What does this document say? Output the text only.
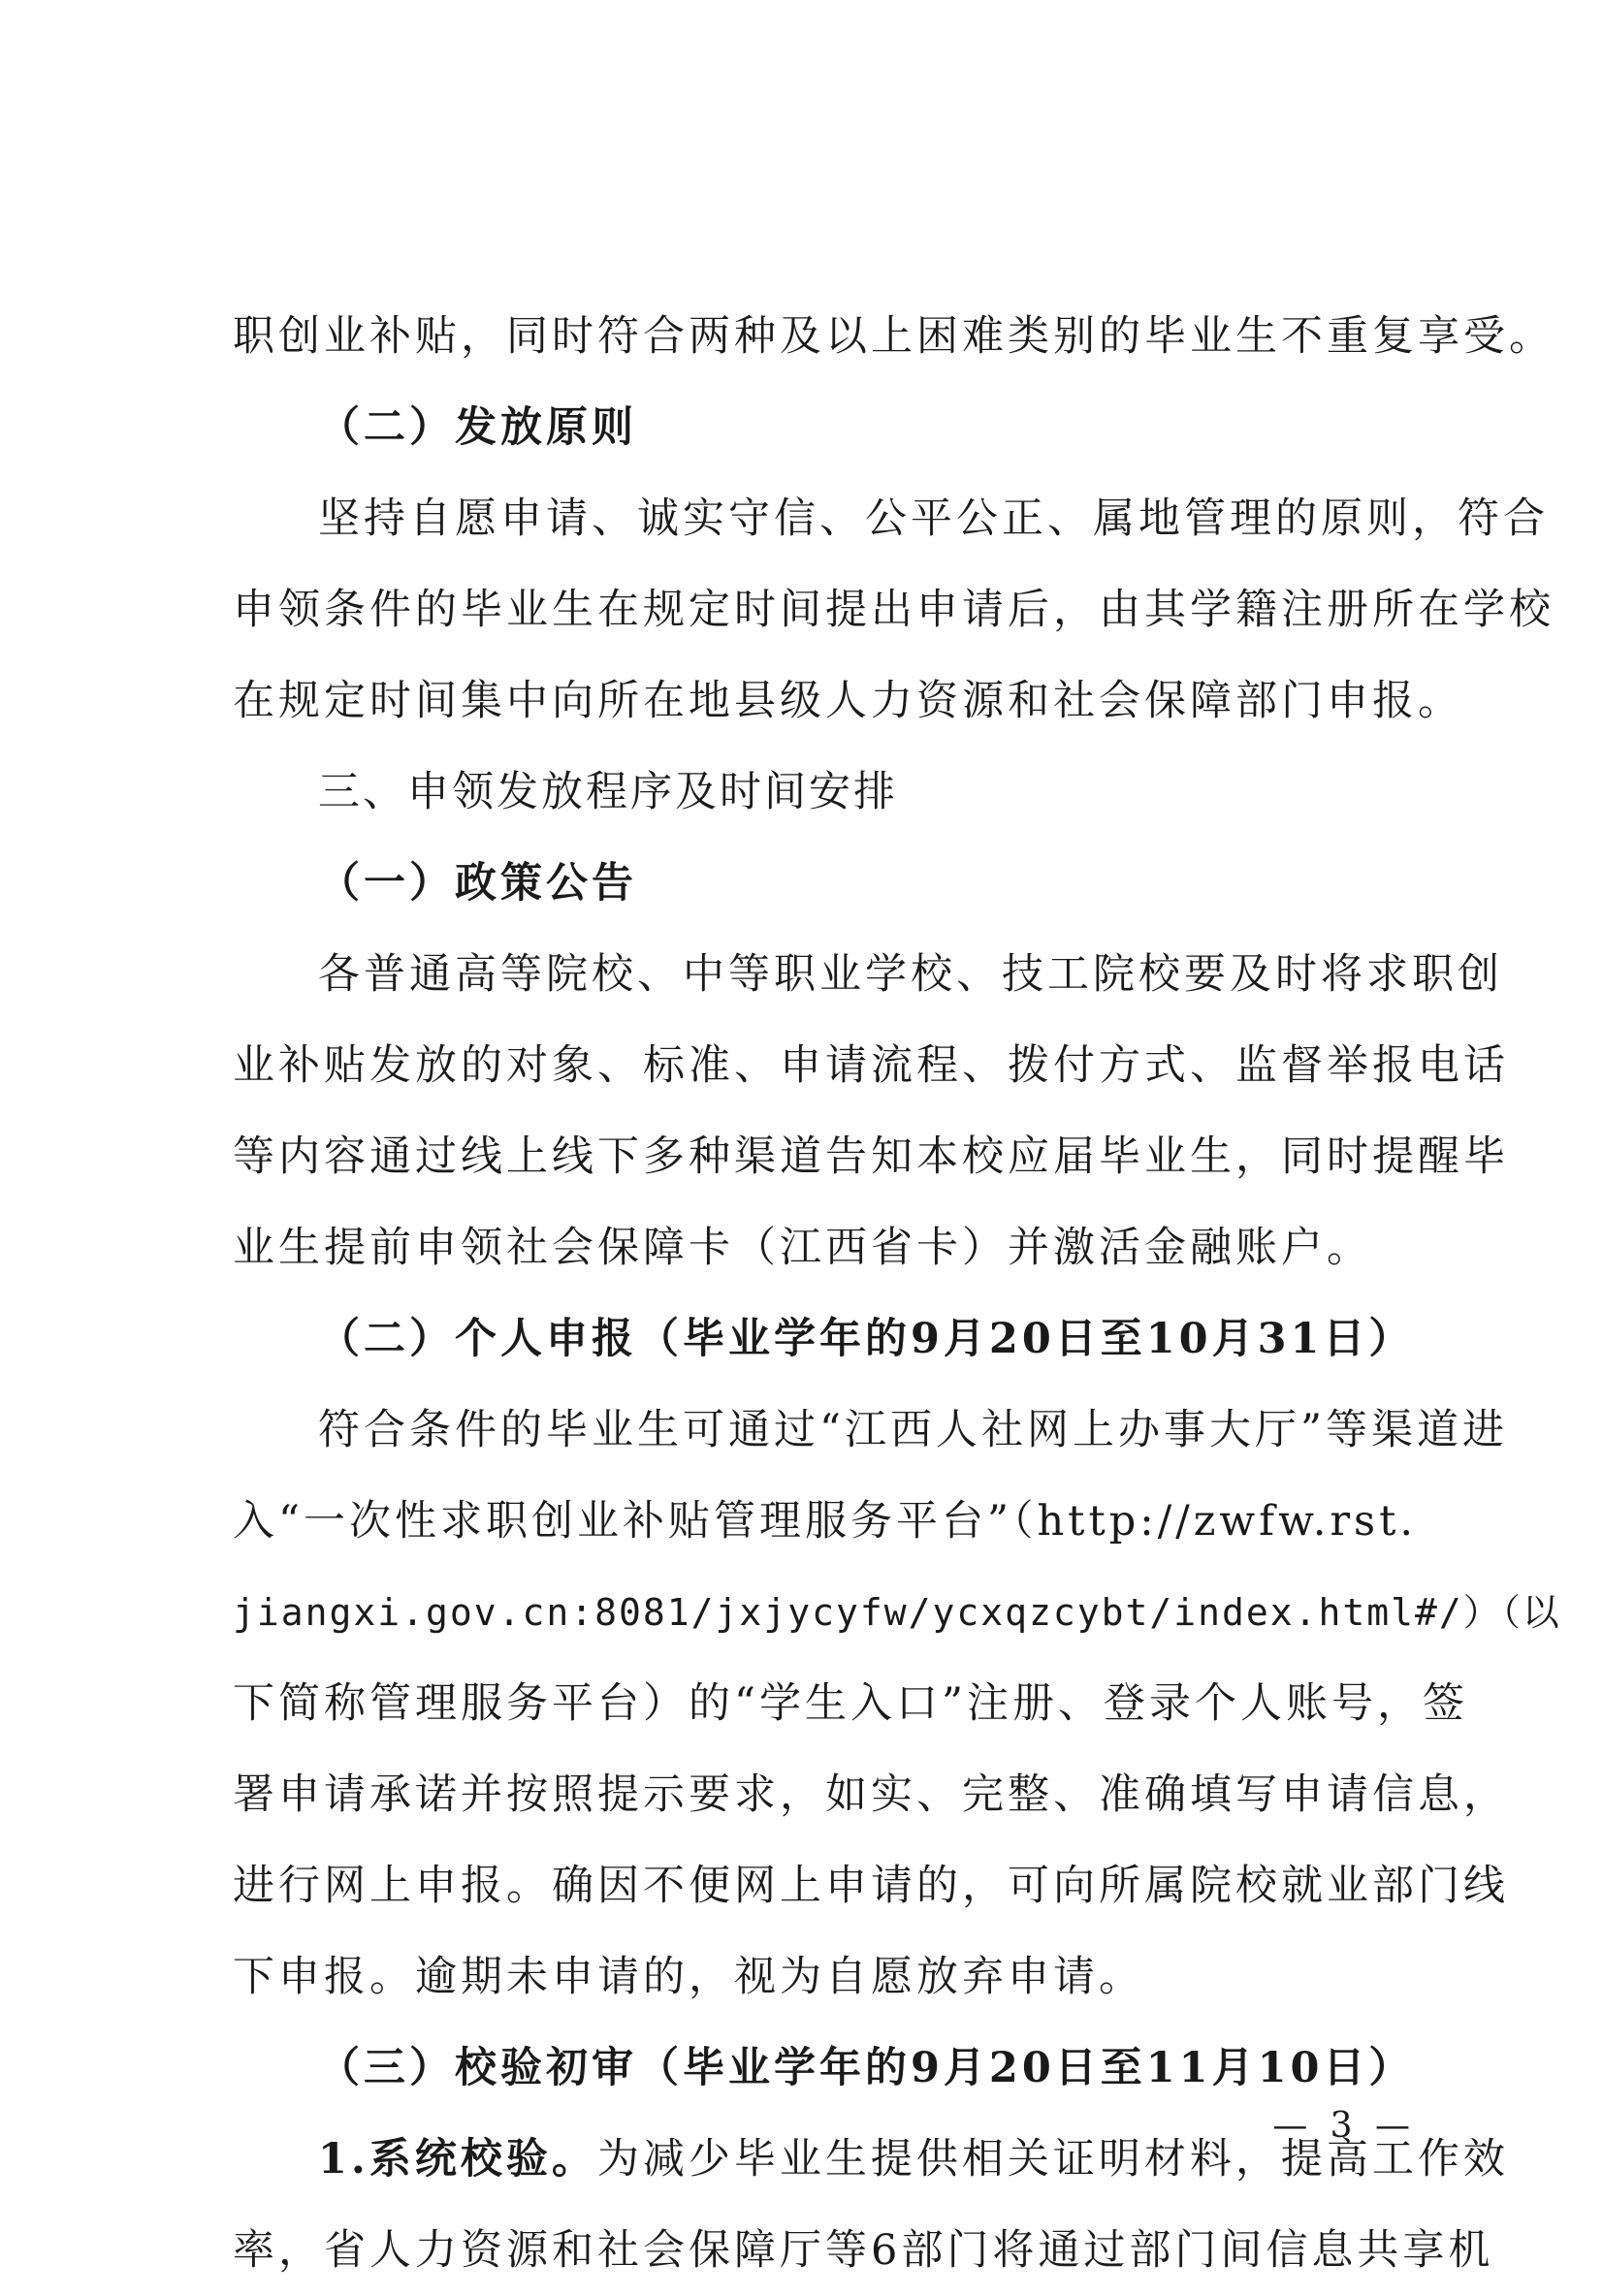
职创业补贴，同时符合两种及以上困难类别的毕业生不重复享受。
（二）发放原则
坚持自愿申请、诚实守信、公平公正、属地管理的原则，符合
申领条件的毕业生在规定时间提出申请后，由其学籍注册所在学校
在规定时间集中向所在地县级人力资源和社会保障部门申报。
三、申领发放程序及时间安排
（一）政策公告
各普通高等院校、中等职业学校、技工院校要及时将求职创
业补贴发放的对象、标准、申请流程、拨付方式、监督举报电话
等内容通过线上线下多种渠道告知本校应届毕业生，同时提醒毕
业生提前申领社会保障卡（江西省卡）并激活金融账户。
（二）个人申报（毕业学年的9月20日至10月31日）
符合条件的毕业生可通过“江西人社网上办事大厅”等渠道进
入“一次性求职创业补贴管理服务平台”（http://zwfw.rst.
jiangxi.gov.cn:8081/jxjycyfw/ycxqzcybt/index.html#/）（以
下简称管理服务平台）的“学生入口”注册、登录个人账号，签
署申请承诺并按照提示要求，如实、完整、准确填写申请信息，
进行网上申报。确因不便网上申请的，可向所属院校就业部门线
下申报。逾期未申请的，视为自愿放弃申请。
（三）校验初审（毕业学年的9月20日至11月10日）
1.系统校验。为减少毕业生提供相关证明材料，提高工作效
率，省人力资源和社会保障厅等6部门将通过部门间信息共享机
— 3 —
